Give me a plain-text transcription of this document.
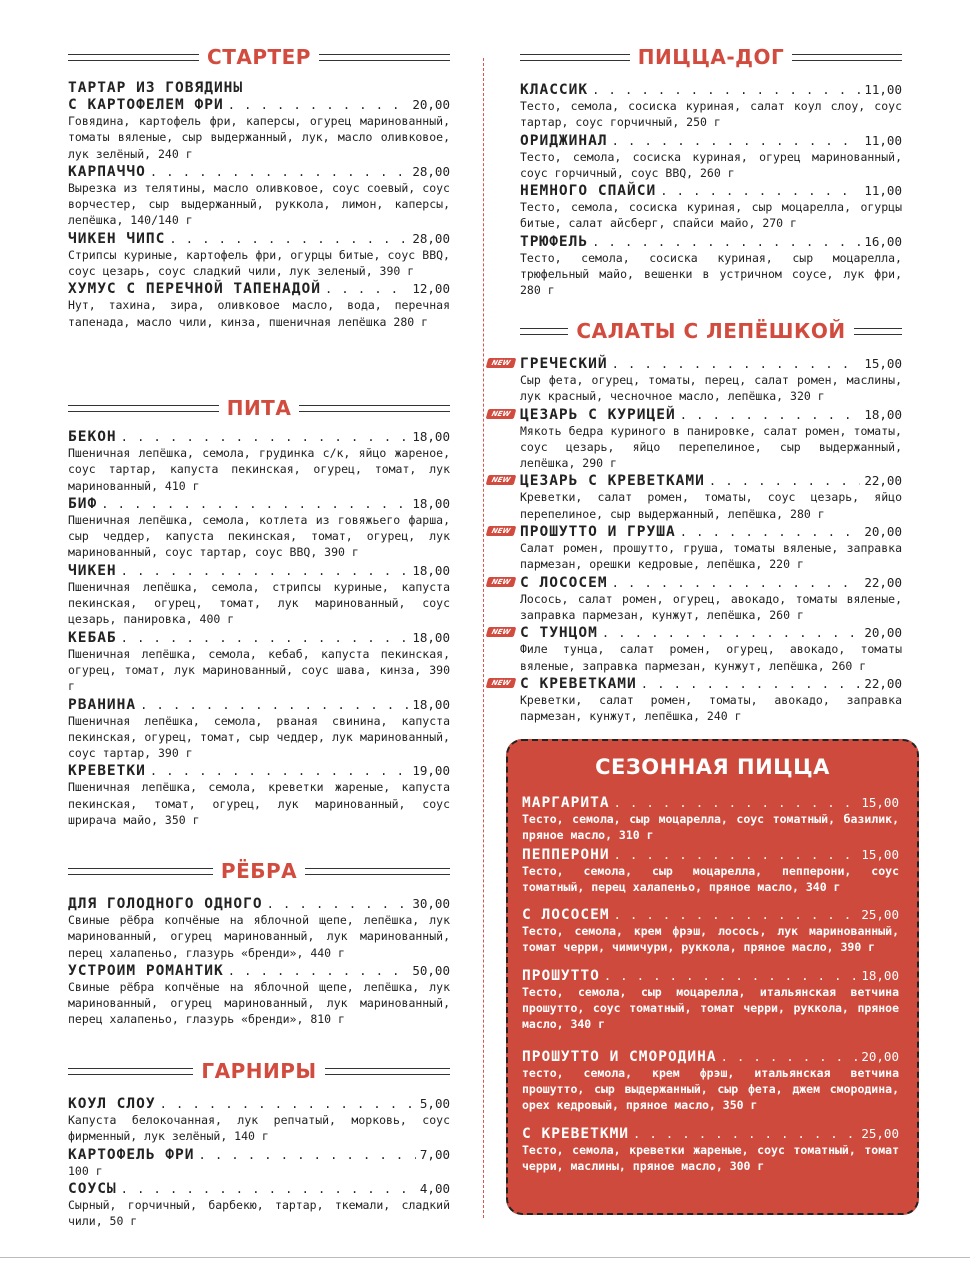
СТАРТЕР
ТАРТАР ИЗ ГОВЯДИНЫ
С КАРТОФЕЛЕМ ФРИ . . .	20,00
Говядина, картофель фри, каперсы, огурец маринованный, томаты вяленые, сыр выдержанный, лук, масло оливковое, лук зелёный, 240 г
КАРПАЧЧО . . .	28,00
Вырезка из телятины, масло оливковое, соус соевый, соус ворчестер, сыр выдержанный, руккола, лимон, каперсы, лепёшка, 140/140 г
ЧИКЕН ЧИПС . . .	28,00
Стрипсы куриные, картофель фри, огурцы битые, соус BBQ, соус цезарь, соус сладкий чили, лук зеленый, 390 г
ХУМУС С ПЕРЕЧНОЙ ТАПЕНАДОЙ . . .	12,00
Нут, тахина, зира, оливковое масло, вода, перечная тапенада, масло чили, кинза, пшеничная лепёшка 280 г
ПИТА
БЕКОН . . .	18,00
Пшеничная лепёшка, семола, грудинка с/к, яйцо жареное, соус тартар, капуста пекинская, огурец, томат, лук маринованный, 410 г
БИФ . . .	18,00
Пшеничная лепёшка, семола, котлета из говяжьего фарша, сыр чеддер, капуста пекинская, томат, огурец, лук маринованный, соус тартар, соус BBQ, 390 г
ЧИКЕН . . .	18,00
Пшеничная лепёшка, семола, стрипсы куриные, капуста пекинская, огурец, томат, лук маринованный, соус цезарь, панировка, 400 г
КЕБАБ . . .	18,00
Пшеничная лепёшка, семола, кебаб, капуста пекинская, огурец, томат, лук маринованный, соус шава, кинза, 390 г
РВАНИНА . . .	18,00
Пшеничная лепёшка, семола, рваная свинина, капуста пекинская, огурец, томат, сыр чеддер, лук маринованный, соус тартар, 390 г
КРЕВЕТКИ . . .	19,00
Пшеничная лепёшка, семола, креветки жареные, капуста пекинская, томат, огурец, лук маринованный, соус шрирача майо, 350 г
РЁБРА
ДЛЯ ГОЛОДНОГО ОДНОГО . . .	30,00
Свиные рёбра копчёные на яблочной щепе, лепёшка, лук маринованный, огурец маринованный, лук маринованный, перец халапеньо, глазурь «бренди», 440 г
УСТРОИМ РОМАНТИК . . .	50,00
Свиные рёбра копчёные на яблочной щепе, лепёшка, лук маринованный, огурец маринованный, лук маринованный, перец халапеньо, глазурь «бренди», 810 г
ГАРНИРЫ
КОУЛ СЛОУ . . .	5,00
Капуста белокочанная, лук репчатый, морковь, соус фирменный, лук зелёный, 140 г
КАРТОФЕЛЬ ФРИ . . .	7,00
100 г
СОУСЫ . . .	4,00
Сырный, горчичный, барбекю, тартар, ткемали, сладкий чили, 50 г
ПИЦЦА-ДОГ
КЛАССИК . . .	11,00
Тесто, семола, сосиска куриная, салат коул слоу, соус тартар, соус горчичный, 250 г
ОРИДЖИНАЛ . . .	11,00
Тесто, семола, сосиска куриная, огурец маринованный, соус горчичный, соус BBQ, 260 г
НЕМНОГО СПАЙСИ . . .	11,00
Тесто, семола, сосиска куриная, сыр моцарелла, огурцы битые, салат айсберг, спайси майо, 270 г
ТРЮФЕЛЬ . . .	16,00
Тесто, семола, сосиска куриная, сыр моцарелла, трюфельный майо, вешенки в устричном соусе, лук фри, 280 г
САЛАТЫ С ЛЕПЁШКОЙ
NEW ГРЕЧЕСКИЙ . . .	15,00
Сыр фета, огурец, томаты, перец, салат ромен, маслины, лук красный, чесночное масло, лепёшка, 320 г
NEW ЦЕЗАРЬ С КУРИЦЕЙ . . .	18,00
Мякоть бедра куриного в панировке, салат ромен, томаты, соус цезарь, яйцо перепелиное, сыр выдержанный, лепёшка, 290 г
NEW ЦЕЗАРЬ С КРЕВЕТКАМИ . . .	22,00
Креветки, салат ромен, томаты, соус цезарь, яйцо перепелиное, сыр выдержанный, лепёшка, 280 г
NEW ПРОШУТТО И ГРУША . . .	20,00
Салат ромен, прошутто, груша, томаты вяленые, заправка пармезан, орешки кедровые, лепёшка, 220 г
NEW С ЛОСОСЕМ . . .	22,00
Лосось, салат ромен, огурец, авокадо, томаты вяленые, заправка пармезан, кунжут, лепёшка, 260 г
NEW С ТУНЦОМ . . .	20,00
Филе тунца, салат ромен, огурец, авокадо, томаты вяленые, заправка пармезан, кунжут, лепёшка, 260 г
NEW С КРЕВЕТКАМИ . . .	22,00
Креветки, салат ромен, томаты, авокадо, заправка пармезан, кунжут, лепёшка, 240 г
СЕЗОННАЯ ПИЦЦА
МАРГАРИТА . . .	15,00
Тесто, семола, сыр моцарелла, соус томатный, базилик, пряное масло, 310 г
ПЕППЕРОНИ . . .	15,00
Тесто, семола, сыр моцарелла, пепперони, соус томатный, перец халапеньо, пряное масло, 340 г
С ЛОСОСЕМ . . .	25,00
Тесто, семола, крем фрэш, лосось, лук маринованный, томат черри, чимичури, руккола, пряное масло, 390 г
ПРОШУТТО . . .	18,00
Тесто, семола, сыр моцарелла, итальянская ветчина прошутто, соус томатный, томат черри, руккола, пряное масло, 340 г
ПРОШУТТО И СМОРОДИНА . . .	20,00
тесто, семола, крем фрэш, итальянская ветчина прошутто, сыр выдержанный, сыр фета, джем смородина, орех кедровый, пряное масло, 350 г
С КРЕВЕТКМИ . . .	25,00
Тесто, семола, креветки жареные, соус томатный, томат черри, маслины, пряное масло, 300 г
